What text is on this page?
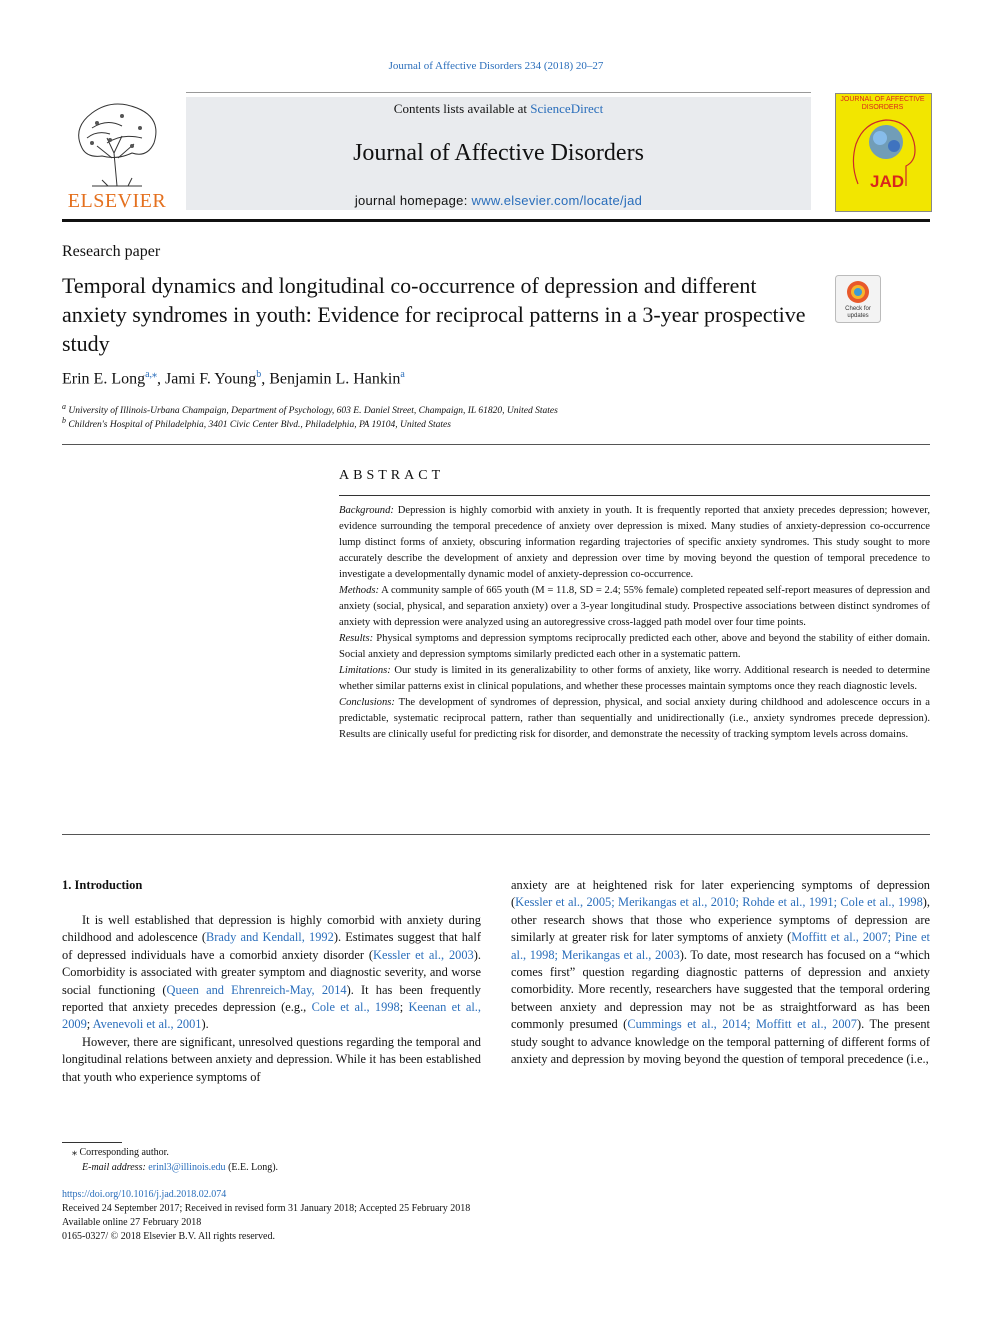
Journal of Affective Disorders 234 (2018) 20–27
ELSEVIER
Contents lists available at ScienceDirect
Journal of Affective Disorders
journal homepage: www.elsevier.com/locate/jad
JOURNAL OF AFFECTIVE DISORDERS
JAD
Research paper
Temporal dynamics and longitudinal co-occurrence of depression and different anxiety syndromes in youth: Evidence for reciprocal patterns in a 3-year prospective study
Check for updates
Erin E. Long$^{a,⁎}$, Jami F. Young$^b$, Benjamin L. Hankin$^a$
$^a$ University of Illinois-Urbana Champaign, Department of Psychology, 603 E. Daniel Street, Champaign, IL 61820, United States
$^b$ Children's Hospital of Philadelphia, 3401 Civic Center Blvd., Philadelphia, PA 19104, United States
ABSTRACT

Background: Depression is highly comorbid with anxiety in youth. It is frequently reported that anxiety precedes depression; however, evidence surrounding the temporal precedence of anxiety over depression is mixed. Many studies of anxiety-depression co-occurrence lump distinct forms of anxiety, obscuring information regarding trajectories of specific anxiety syndromes. This study sought to more accurately describe the development of anxiety and depression over time by moving beyond the question of temporal precedence to investigate a developmentally dynamic model of anxiety-depression co-occurrence.

Methods: A community sample of 665 youth (M = 11.8, SD = 2.4; 55% female) completed repeated self-report measures of depression and anxiety (social, physical, and separation anxiety) over a 3-year longitudinal study. Prospective associations between distinct syndromes of anxiety with depression were analyzed using an autoregressive cross-lagged path model over four time points.

Results: Physical symptoms and depression symptoms reciprocally predicted each other, above and beyond the stability of either domain. Social anxiety and depression symptoms similarly predicted each other in a systematic pattern.

Limitations: Our study is limited in its generalizability to other forms of anxiety, like worry. Additional research is needed to determine whether similar patterns exist in clinical populations, and whether these processes maintain symptoms once they reach diagnostic levels.

Conclusions: The development of syndromes of depression, physical, and social anxiety during childhood and adolescence occurs in a predictable, systematic reciprocal pattern, rather than sequentially and unidirectionally (i.e., anxiety syndromes precede depression). Results are clinically useful for predicting risk for disorder, and demonstrate the necessity of tracking symptom levels across domains.

1. Introduction

It is well established that depression is highly comorbid with anxiety during childhood and adolescence (Brady and Kendall, 1992). Estimates suggest that half of depressed individuals have a comorbid anxiety disorder (Kessler et al., 2003). Comorbidity is associated with greater symptom and diagnostic severity, and worse social functioning (Queen and Ehrenreich-May, 2014). It has been frequently reported that anxiety precedes depression (e.g., Cole et al., 1998; Keenan et al., 2009; Avenevoli et al., 2001).

However, there are significant, unresolved questions regarding the temporal and longitudinal relations between anxiety and depression. While it has been established that youth who experience symptoms of

anxiety are at heightened risk for later experiencing symptoms of depression (Kessler et al., 2005; Merikangas et al., 2010; Rohde et al., 1991; Cole et al., 1998), other research shows that those who experience symptoms of depression are similarly at greater risk for later symptoms of anxiety (Moffitt et al., 2007; Pine et al., 1998; Merikangas et al., 2003). To date, most research has focused on a “which comes first” question regarding diagnostic patterns of depression and anxiety comorbidity. More recently, researchers have suggested that the temporal ordering between anxiety and depression may not be as straightforward as has been commonly presumed (Cummings et al., 2014; Moffitt et al., 2007). The present study sought to advance knowledge on the temporal patterning of different forms of anxiety and depression by moving beyond the question of temporal precedence (i.e.,

⁎ Corresponding author.
E-mail address: erinl3@illinois.edu (E.E. Long).
https://doi.org/10.1016/j.jad.2018.02.074
Received 24 September 2017; Received in revised form 31 January 2018; Accepted 25 February 2018
Available online 27 February 2018
0165-0327/ © 2018 Elsevier B.V. All rights reserved.
